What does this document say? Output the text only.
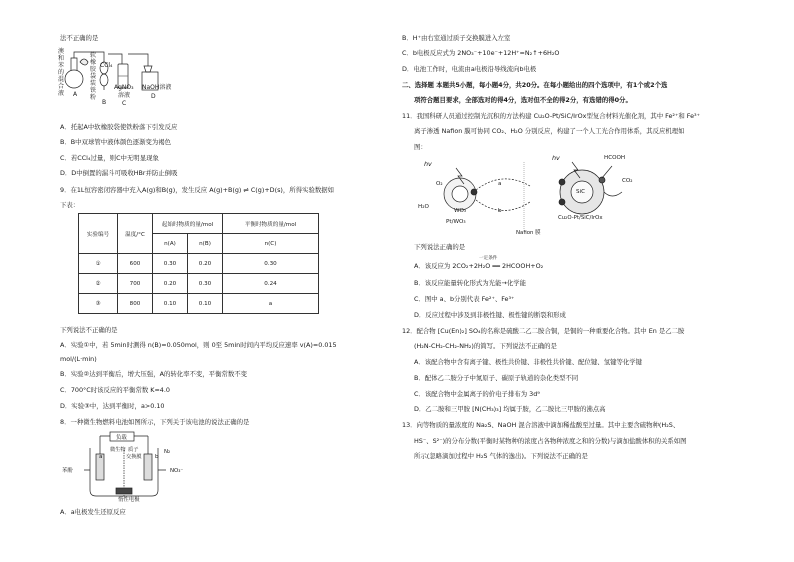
法不正确的是
澳
和
苯
的
混
合
液
软
橡
胶
袋
装
铁
粉
CCl₄
AgNO₃
溶液
NaOH溶液
A
B	C
D
A．托起A中软橡胶袋使铁粉落下引发反应
B．B中双球管中液体颜色逐渐变为褐色
C．若CCl₄过量，则C中无明显现象
D．D中倒置的漏斗可吸收HBr并防止倒吸
9．在1L恒容密闭容器中充入A(g)和B(g)，发生反应 A(g)+B(g) ⇌ C(g)+D(s)，所得实验数据如
下表：
实验编号	温度/°C	起始时物质的量/mol		平衡时物质的量/mol
		n(A)	n(B)	n(C)
①	600	0.30	0.20	0.30
②	700	0.20	0.30	0.24
③	800	0.10	0.10	a
下列说法不正确的是
A．实验①中，若 5min时测得 n(B)=0.050mol，则 0至 5min时间内平均反应速率 v(A)=0.015
mol/(L·min)
B．实验②达到平衡后，增大压强，A的转化率不变，平衡常数不变
C．700°C时该反应的平衡常数 K=4.0
D．实验③中，达到平衡时，a>0.10
8．一种微生物燃料电池如图所示，下列关于该电池的说法正确的是
负载
微生物 质子
交换膜
a	b
苯酚
N₂
NO₃⁻
惰性电极
A．a电极发生还原反应
B．H⁺由右室通过质子交换膜进入左室
C．b电极反应式为 2NO₃⁻+10e⁻+12H⁺=N₂↑+6H₂O
D．电池工作时，电流由a电极沿导线流向b电极
二、选择题 本题共5小题，每小题4分，共20分。在每小题给出的四个选项中，有1个或2个选
项符合题目要求，全部选对的得4分，选对但不全的得2分，有选错的得0分。
11．我国科研人员通过控制光沉积的方法构建 Cu₂O-Pt/SiC/IrOx型复合材料光催化剂，其中 Fe²⁺和 Fe³⁺
离子渗透 Nafion 膜可协同 CO₂、H₂O 分别反应，构建了一个人工光合作用体系，其反应机理如
图：
hv
hv
H₂O
O₂
WO₃
Pt/WO₃
a
b
Nafion 膜
SiC
Cu₂O-Pt/SiC/IrOx
HCOOH
CO₂
下列说法正确的是
A．该反应为 2CO₂+2H₂O ══ 2HCOOH+O₂
一定条件
B．该反应能量转化形式为光能→化学能
C．图中 a、b分别代表 Fe²⁺、Fe³⁺
D．反应过程中涉及到非极性键、极性键的断裂和形成
12．配合物 [Cu(En)₂] SO₄的名称是硫酸二乙二胺合铜，是铜的一种重要化合物。其中 En 是乙二胺
(H₂N-CH₂-CH₂-NH₂)的简写。下列说法不正确的是
A．该配合物中含有离子键、极性共价键、非极性共价键、配位键、氢键等化学键
B．配体乙二胺分子中氮原子、碳原子轨道的杂化类型不同
C．该配合物中金属离子的价电子排布为 3d⁹
D．乙二胺和三甲胺 [N(CH₃)₃] 均属于胺，乙二胺比三甲胺的沸点高
13．向等物质的量浓度的 Na₂S、NaOH 混合溶液中滴加稀盐酸至过量。其中主要含硫物种(H₂S、
HS⁻、S²⁻)的分布分数(平衡时某物种的浓度占各物种浓度之和的分数)与滴加盐酸体积的关系如图
所示(忽略滴加过程中 H₂S 气体的逸出)。下列说法不正确的是
